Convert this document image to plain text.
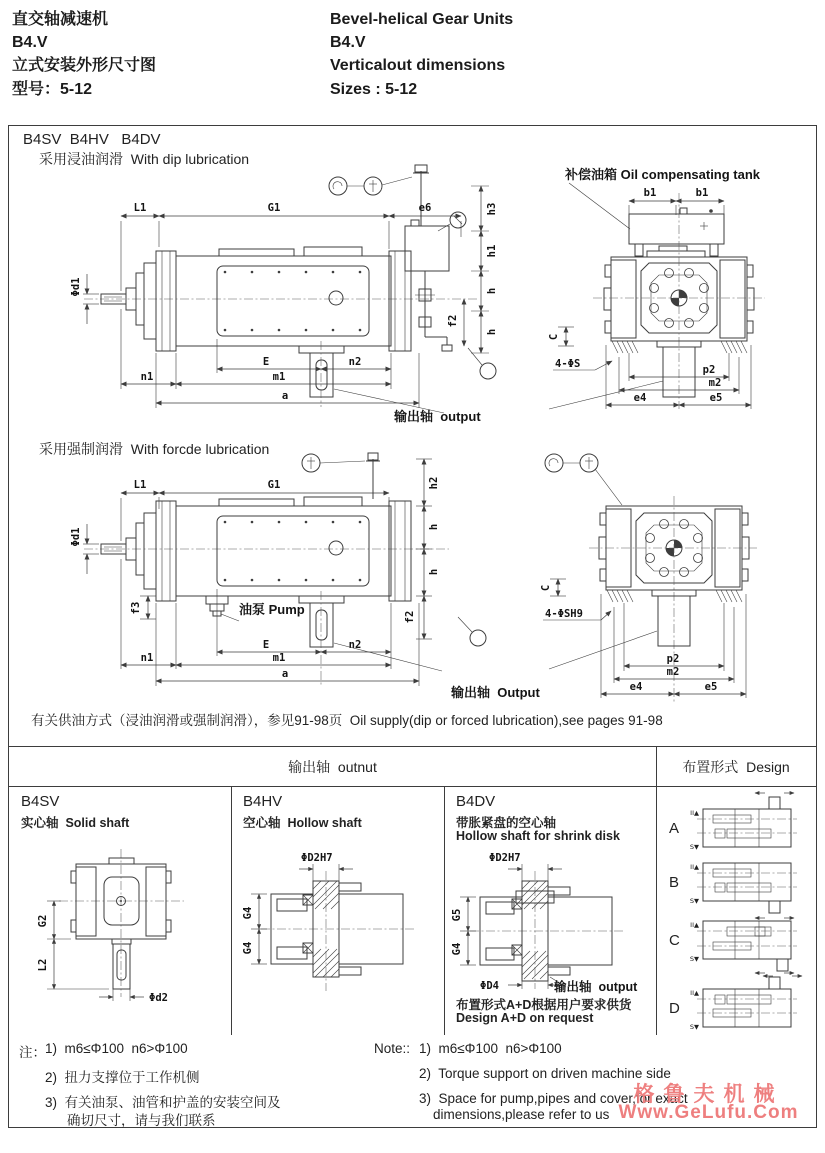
直交轴减速机
B4.V
立式安装外形尺寸图
型号：5-12
Bevel-helical Gear Units
B4.V
Verticalout dimensions
Sizes : 5-12
B4SV  B4HV   B4DV
采用浸油润滑  With dip lubrication
L1	G1	e6
Φd1
h3
h1
h
h
f2
E	n2
m1
n1
a
b1	b1
C
4-ΦS	p2
m2
e4	e5
补偿油箱 Oil compensating tank
输出轴  output
采用强制润滑  With forcde lubrication
L1	G1
Φd1
h2
h
h
f2
f3
E	n2
m1
n1
a
C
4-ΦSH9
p2
m2
e4	e5
油泵 Pump
输出轴  Output
有关供油方式（浸油润滑或强制润滑），参见91-98页  Oil supply(dip or forced lubrication),see pages 91-98
输出轴  outnut	布置形式  Design
B4SV
实心轴  Solid shaft
G2
L2
Φd2
B4HV
空心轴  Hollow shaft
ΦD2H7
G4
G4
B4DV
带胀紧盘的空心轴
Hollow shaft for shrink disk
ΦD2H7
G5
G4
ΦD4	输出轴  output
布置形式A+D根据用户要求供货
Design A+D on request
A
II▲
S▼
B
II▲
S▼
C
II▲
S▼
D
II▲
S▼
注： 1)  m6≤Φ100  n6>Φ100
2)  扭力支撑位于工作机侧
3)  有关油泵、油管和护盖的安装空间及
确切尺寸，请与我们联系
Note:: 1)  m6≤Φ100  n6>Φ100
2)  Torque support on driven machine side
3)  Space for pump,pipes and cover,for exact
dimensions,please refer to us
格鲁夫机械
Www.GeLufu.Com
